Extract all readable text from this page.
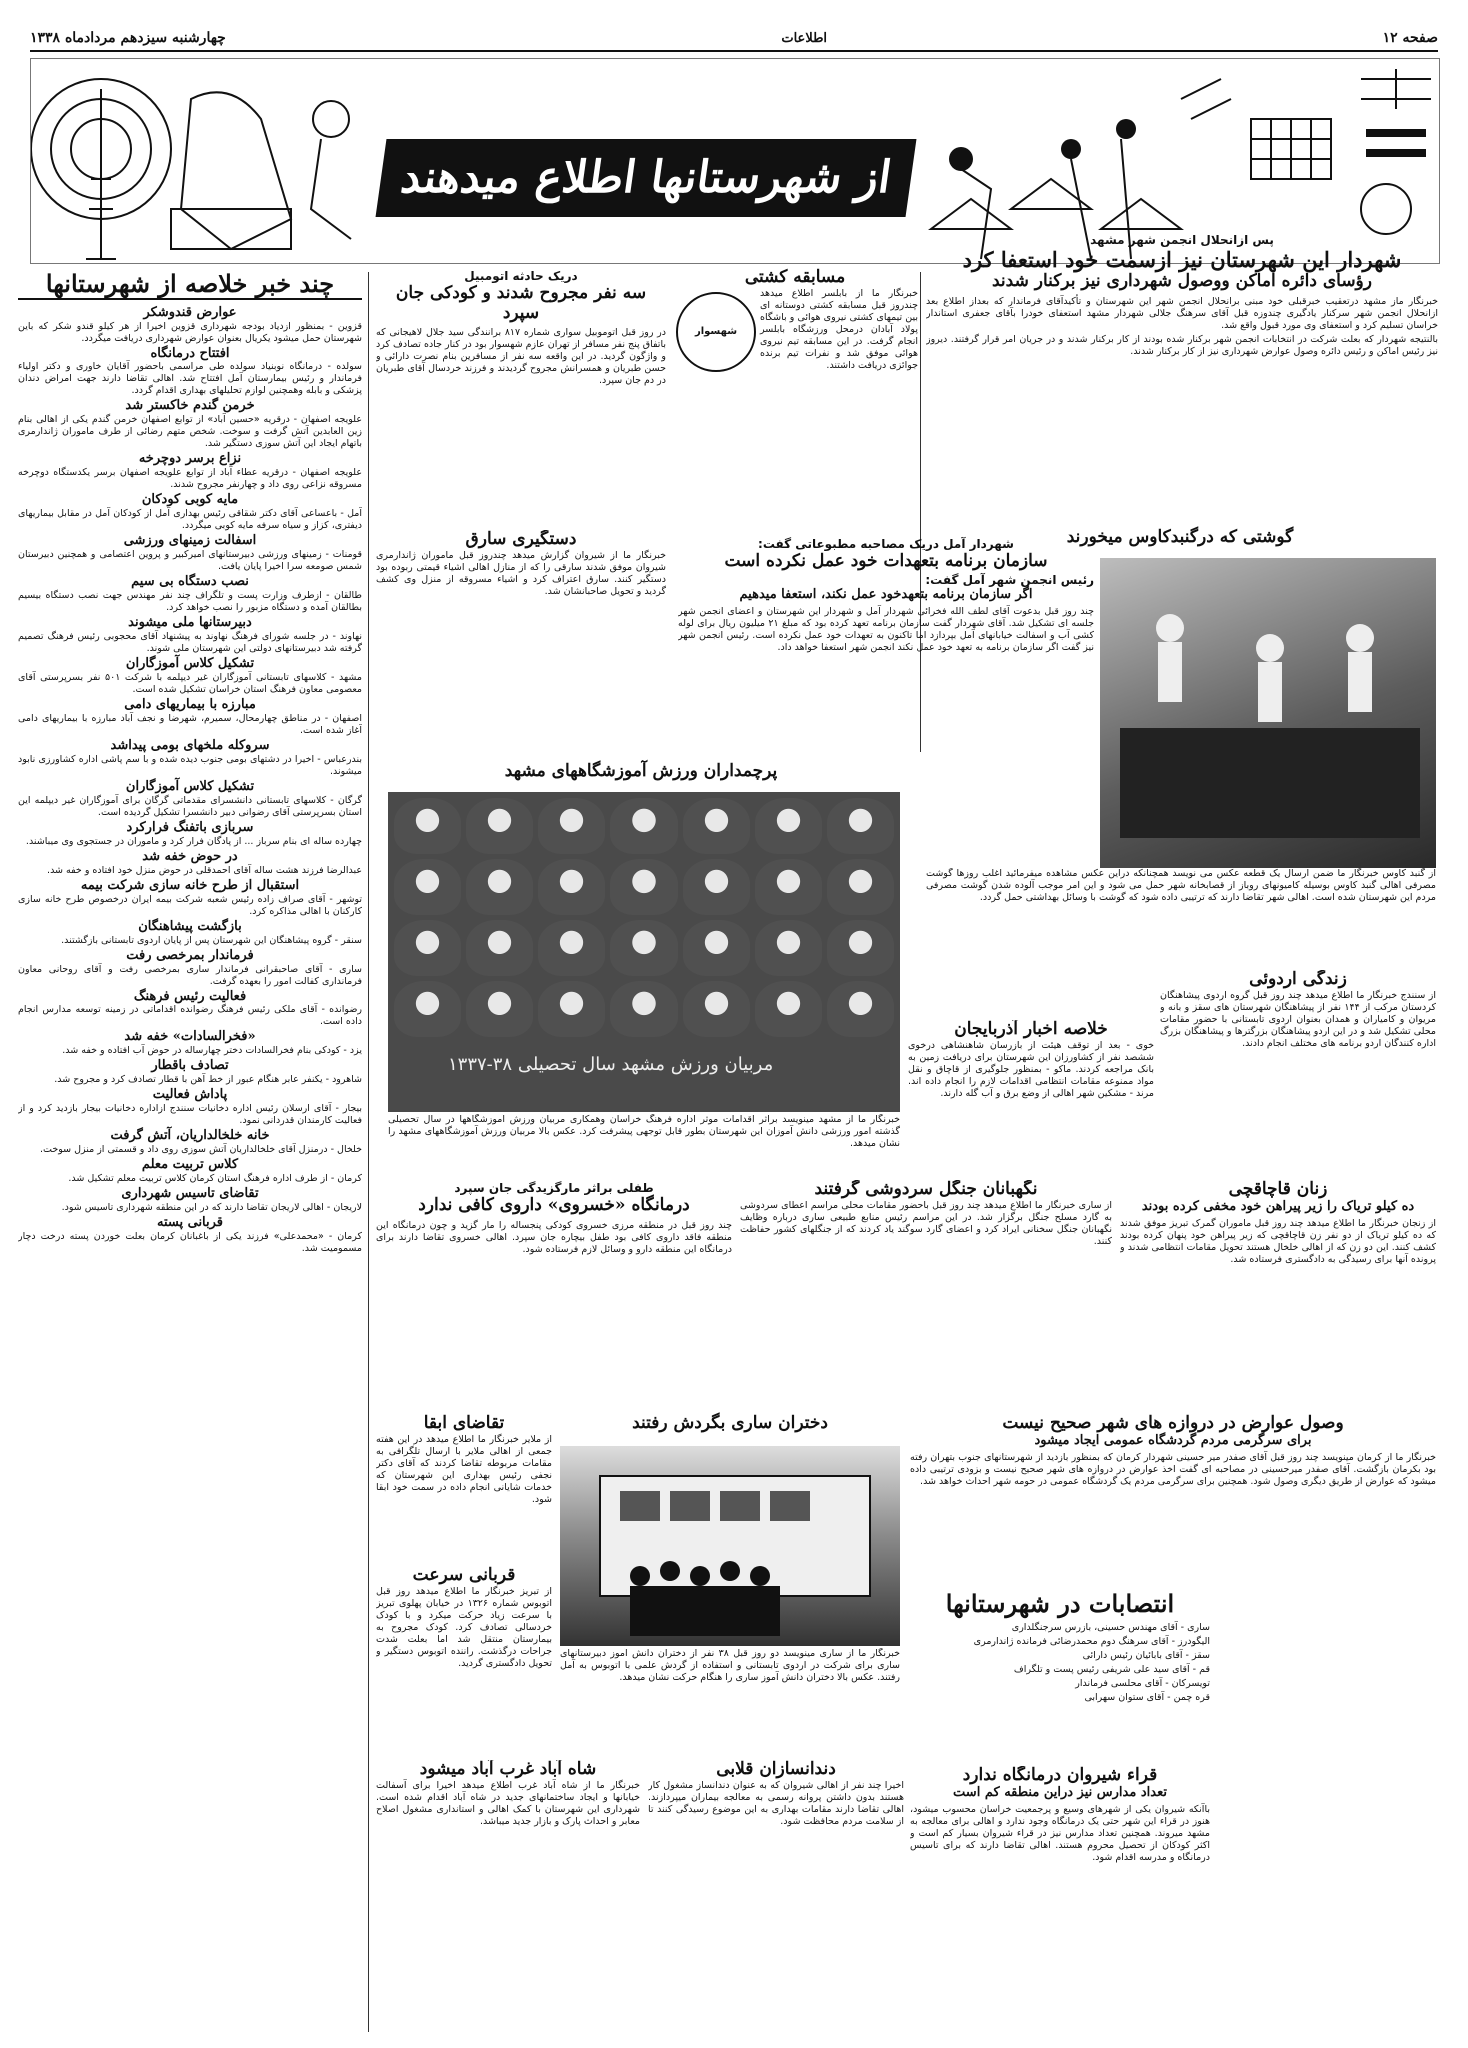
صفحه ۱۲
اطلاعات
چهارشنبه سیزدهم مردادماه ۱۳۳۸
از شهرستانها اطلاع میدهند
پس ازانحلال انجمن شهر مشهد
شهردار این شهرستان نیز ازسمت خود استعفا کرد
رؤسای دائره اماکن ووصول شهرداری نیز برکنار شدند

خبرنگار ماز مشهد درتعقیب خبرقبلی خود مبنی برانحلال انجمن شهر این شهرستان و تأکیدآقای فرماندار که بعداز اطلاع بعد ازانحلال انجمن شهر سرکنار یادگیری چندوزه قبل آقای سرهنگ جلالی شهردار مشهد استعفای خودرا بآقای جعفری استاندار خراسان تسلیم کرد و استعفای وی مورد قبول واقع شد.

بالنتیجه شهردار که بعلت شرکت در انتخابات انجمن شهر برکنار شده بودند از کار برکنار شدند و در جریان امر قرار گرفتند. دیروز نیز رئیس اماکن و رئیس دائره وصول عوارض شهرداری نیز از کار برکنار شدند.

گوشتی که درگنبدکاوس میخورند

از گنبد کاوس خبرنگار ما ضمن ارسال یک قطعه عکس می نویسد همچنانکه دراین عکس مشاهده میفرمائید اغلب روزها گوشت مصرفی اهالی گنبد کاوس بوسیله کامیونهای روباز از قصابخانه شهر حمل می شود و این امر موجب آلوده شدن گوشت مصرفی مردم این شهرستان شده است. اهالی شهر تقاضا دارند که ترتیبی داده شود که گوشت با وسائل بهداشتی حمل گردد.

شهردار آمل دریک مصاحبه مطبوعاتی گفت:
سازمان برنامه بتعهدات خود عمل نکرده است
رئیس انجمن شهر آمل گفت:
اگر سازمان برنامه بتعهدخود عمل نکند، استعفا میدهیم

چند روز قبل بدعوت آقای لطف الله فخرائی شهردار آمل و شهردار این شهرستان و اعضای انجمن شهر جلسه ای تشکیل شد. آقای شهردار گفت سازمان برنامه تعهد کرده بود که مبلغ ۲۱ میلیون ریال برای لوله کشی آب و اسفالت خیابانهای آمل بپردازد اما تاکنون به تعهدات خود عمل نکرده است. رئیس انجمن شهر نیز گفت اگر سازمان برنامه به تعهد خود عمل نکند انجمن شهر استعفا خواهد داد.

مسابقه کشتی
شهسوار

خبرنگار ما از بابلسر اطلاع میدهد چندروز قبل مسابقه کشتی دوستانه ای بین تیمهای کشتی نیروی هوائی و باشگاه پولاد آبادان درمحل ورزشگاه بابلسر انجام گرفت. در این مسابقه تیم نیروی هوائی موفق شد و نفرات تیم برنده جوائزی دریافت داشتند.

دریک حادثه اتومبیل
سه نفر مجروح شدند و کودکی جان سپرد

در روز قبل اتوموبیل سواری شماره ۸۱۷ برانندگی سید جلال لاهیجانی که باتفاق پنج نفر مسافر از تهران عازم شهسوار بود در کنار جاده تصادف کرد و واژگون گردید. در این واقعه سه نفر از مسافرین بنام نصرت دارائی و حسن طبریان و همسرانش مجروح گردیدند و فرزند خردسال آقای طبریان در دم جان سپرد.

دستگیری سارق

خبرنگار ما از شیروان گزارش میدهد چندروز قبل ماموران ژاندارمری شیروان موفق شدند سارقی را که از منازل اهالی اشیاء قیمتی ربوده بود دستگیر کنند. سارق اعتراف کرد و اشیاء مسروقه از منزل وی کشف گردید و تحویل صاحبانشان شد.

پرچمداران ورزش آموزشگاههای مشهد
مربیان ورزش مشهد سال تحصیلی ۳۸-۱۳۳۷

خبرنگار ما از مشهد مینویسد براثر اقدامات موثر اداره فرهنگ خراسان وهمکاری مربیان ورزش آموزشگاهها در سال تحصیلی گذشته امور ورزشی دانش آموزان این شهرستان بطور قابل توجهی پیشرفت کرد. عکس بالا مربیان ورزش آموزشگاههای مشهد را نشان میدهد.

زندگی اردوئی

از سنندج خبرنگار ما اطلاع میدهد چند روز قبل گروه اردوی پیشاهنگان کردستان مرکب از ۱۴۴ نفر از پیشاهنگان شهرستان های سقز و بانه و مریوان و کامیاران و همدان بعنوان اردوی تابستانی با حضور مقامات محلی تشکیل شد و در این اردو پیشاهنگان بزرگترها و پیشاهنگان بزرگ اداره کنندگان اردو برنامه های مختلف انجام دادند.

خلاصه اخبار آذربایجان

خوی - بعد از توقف هیئت از بازرسان شاهنشاهی درخوی ششصد نفر از کشاورزان این شهرستان برای دریافت زمین به بانک مراجعه کردند. ماکو - بمنظور جلوگیری از قاچاق و نقل مواد ممنوعه مقامات انتظامی اقدامات لازم را انجام داده اند. مرند - مشکین شهر اهالی از وضع برق و آب گله دارند.

زنان قاچاقچی
ده کیلو تریاک را زیر پیراهن خود مخفی کرده بودند

از زنجان خبرنگار ما اطلاع میدهد چند روز قبل ماموران گمرک تبریز موفق شدند که ده کیلو تریاک از دو نفر زن قاچاقچی که زیر پیراهن خود پنهان کرده بودند کشف کنند. این دو زن که از اهالی خلخال هستند تحویل مقامات انتظامی شدند و پرونده آنها برای رسیدگی به دادگستری فرستاده شد.

نگهبانان جنگل سردوشی گرفتند

از ساری خبرنگار ما اطلاع میدهد چند روز قبل باحضور مقامات محلی مراسم اعطای سردوشی به گارد مسلح جنگل برگزار شد. در این مراسم رئیس منابع طبیعی ساری درباره وظایف نگهبانان جنگل سخنانی ایراد کرد و اعضای گارد سوگند یاد کردند که از جنگلهای کشور حفاظت کنند.

طفلی براثر مارگزیدگی جان سپرد
درمانگاه «خسروی» داروی کافی ندارد

چند روز قبل در منطقه مرزی خسروی کودکی پنجساله را مار گزید و چون درمانگاه این منطقه فاقد داروی کافی بود طفل بیچاره جان سپرد. اهالی خسروی تقاضا دارند برای درمانگاه این منطقه دارو و وسائل لازم فرستاده شود.

وصول عوارض در دروازه های شهر صحیح نیست
برای سرگرمی مردم گردشگاه عمومی ایجاد میشود

خبرنگار ما از کرمان مینویسد چند روز قبل آقای صفدر میر حسینی شهردار کرمان که بمنظور بازدید از شهرستانهای جنوب بتهران رفته بود بکرمان بازگشت. آقای صفدر میرحسینی در مصاحبه ای گفت اخذ عوارض در دروازه های شهر صحیح نیست و بزودی ترتیبی داده میشود که عوارض از طریق دیگری وصول شود. همچنین برای سرگرمی مردم یک گردشگاه عمومی در حومه شهر احداث خواهد شد.

انتصابات در شهرستانها

ساری - آقای مهندس حسینی، بازرس سرجنگلداری

الیگودرز - آقای سرهنگ دوم محمدرضائی فرمانده ژاندارمری

سقز - آقای بابائیان رئیس دارائی

قم - آقای سید علی شریفی رئیس پست و تلگراف

تویسرکان - آقای محلسی فرماندار

قره چمن - آقای ستوان سهرابی

قراء شیروان درمانگاه ندارد
تعداد مدارس نیز دراین منطقه کم است

باآنکه شیروان یکی از شهرهای وسیع و پرجمعیت خراسان محسوب میشود، هنوز در قراء این شهر حتی یک درمانگاه وجود ندارد و اهالی برای معالجه به مشهد میروند. همچنین تعداد مدارس نیز در قراء شیروان بسیار کم است و اکثر کودکان از تحصیل محروم هستند. اهالی تقاضا دارند که برای تاسیس درمانگاه و مدرسه اقدام شود.

دختران ساری بگردش رفتند

خبرنگار ما از ساری مینویسد دو روز قبل ۳۸ نفر از دختران دانش آموز دبیرستانهای ساری برای شرکت در اردوی تابستانی و استفاده از گردش علمی با اتوبوس به آمل رفتند. عکس بالا دختران دانش آموز ساری را هنگام حرکت نشان میدهد.

تقاضای ابقا

از ملایر خبرنگار ما اطلاع میدهد در این هفته جمعی از اهالی ملایر با ارسال تلگرافی به مقامات مربوطه تقاضا کردند که آقای دکتر نجفی رئیس بهداری این شهرستان که خدمات شایانی انجام داده در سمت خود ابقا شود.

قربانی سرعت

از تبریز خبرنگار ما اطلاع میدهد روز قبل اتوبوس شماره ۱۳۲۶ در خیابان پهلوی تبریز با سرعت زیاد حرکت میکرد و با کودک خردسالی تصادف کرد. کودک مجروح به بیمارستان منتقل شد اما بعلت شدت جراحات درگذشت. راننده اتوبوس دستگیر و تحویل دادگستری گردید.

شاه آباد غرب آباد میشود

خبرنگار ما از شاه آباد غرب اطلاع میدهد اخیرا برای آسفالت خیابانها و ایجاد ساختمانهای جدید در شاه آباد اقدام شده است. شهرداری این شهرستان با کمک اهالی و استانداری مشغول اصلاح معابر و احداث پارک و بازار جدید میباشد.

دندانسازان قلابی

اخیرا چند نفر از اهالی شیروان که به عنوان دندانساز مشغول کار هستند بدون داشتن پروانه رسمی به معالجه بیماران میپردازند. اهالی تقاضا دارند مقامات بهداری به این موضوع رسیدگی کنند تا از سلامت مردم محافظت شود.

چند خبر خلاصه از شهرستانها
عوارض قندوشکر

قزوین - بمنظور ازدیاد بودجه شهرداری قزوین اخیرا از هر کیلو قندو شکر که باین شهرستان حمل میشود یکریال بعنوان عوارض شهرداری دریافت میگردد.

افتتاح درمانگاه

سولده - درمانگاه نوبنیاد سولده طی مراسمی باحضور آقایان خاوری و دکتر اولیاء فرماندار و رئیس بیمارستان آمل افتتاح شد. اهالی تقاضا دارند جهت امراض دندان پزشکی و بابله وهمچنین لوازم تحلیلهای بهداری اقدام گردد.

خرمن گندم خاکستر شد

علویجه اصفهان - درقریه «حسین آباد» از توابع اصفهان خرمن گندم یکی از اهالی بنام زین العابدین آتش گرفت و سوخت. شخص متهم رضائی از طرف ماموران ژاندارمری باتهام ایجاد این آتش سوزی دستگیر شد.

نزاع برسر دوچرخه

علویجه اصفهان - درقریه عطاء آباد از توابع علویجه اصفهان برسر یکدستگاه دوچرخه مسروقه نزاعی روی داد و چهارنفر مجروح شدند.

مایه کوبی کودکان

آمل - باعساعی آقای دکتر شقاقی رئیس بهداری آمل از کودکان آمل در مقابل بیماریهای دیفتری، کزاز و سیاه سرفه مایه کوبی میگردد.

اسفالت زمینهای ورزشی

قومنات - زمینهای ورزشی دبیرستانهای امیرکبیر و پروین اعتصامی و همچنین دبیرستان شمس صومعه سرا اخیرا پایان یافت.

نصب دستگاه بی سیم

طالقان - ازطرف وزارت پست و تلگراف چند نفر مهندس جهت نصب دستگاه بیسیم بطالقان آمده و دستگاه مزبور را نصب خواهد کرد.

دبیرستانها ملی میشوند

نهاوند - در جلسه شورای فرهنگ نهاوند به پیشنهاد آقای محجوبی رئیس فرهنگ تصمیم گرفته شد دبیرستانهای دولتی این شهرستان ملی شوند.

تشکیل کلاس آموزگاران

مشهد - کلاسهای تابستانی آموزگاران غیر دیپلمه با شرکت ۵۰۱ نفر بسرپرستی آقای معصومی معاون فرهنگ استان خراسان تشکیل شده است.

مبارزه با بیماریهای دامی

اصفهان - در مناطق چهارمحال، سمیرم، شهرضا و نجف آباد مبارزه با بیماریهای دامی آغاز شده است.

سروکله ملخهای بومی پیداشد

بندرعباس - اخیرا در دشتهای بومی جنوب دیده شده و با سم پاشی اداره کشاورزی نابود میشوند.

تشکیل کلاس آموزگاران

گرگان - کلاسهای تابستانی دانشسرای مقدماتی گرگان برای آموزگاران غیر دیپلمه این استان بسرپرستی آقای رضوانی دبیر دانشسرا تشکیل گردیده است.

سربازی باتفنگ فرارکرد

چهارده ساله ای بنام سرباز ... از پادگان فرار کرد و ماموران در جستجوی وی میباشند.

در حوض خفه شد

عبدالرضا فرزند هشت ساله آقای احمدقلی در حوض منزل خود افتاده و خفه شد.

استقبال از طرح خانه سازی شرکت بیمه

توشهر - آقای صراف زاده رئیس شعبه شرکت بیمه ایران درخصوص طرح خانه سازی کارکنان با اهالی مذاکره کرد.

بازگشت پیشاهنگان

سنقر - گروه پیشاهنگان این شهرستان پس از پایان اردوی تابستانی بازگشتند.

فرماندار بمرخصی رفت

ساری - آقای صاحبقرانی فرماندار ساری بمرخصی رفت و آقای روحانی معاون فرمانداری کفالت امور را بعهده گرفت.

فعالیت رئیس فرهنگ

رضوانده - آقای ملکی رئیس فرهنگ رضوانده اقداماتی در زمینه توسعه مدارس انجام داده است.

«فخرالسادات» خفه شد

یزد - کودکی بنام فخرالسادات دختر چهارساله در حوض آب افتاده و خفه شد.

تصادف باقطار

شاهرود - یکنفر عابر هنگام عبور از خط آهن با قطار تصادف کرد و مجروح شد.

پاداش فعالیت

بیجار - آقای ارسلان رئیس اداره دخانیات سنندج ازاداره دخانیات بیجار بازدید کرد و از فعالیت کارمندان قدردانی نمود.

خانه خلخالداریان، آتش گرفت

خلخال - درمنزل آقای خلخالداریان آتش سوزی روی داد و قسمتی از منزل سوخت.

کلاس تربیت معلم

کرمان - از طرف اداره فرهنگ استان کرمان کلاس تربیت معلم تشکیل شد.

تقاضای تاسیس شهرداری

لاریجان - اهالی لاریجان تقاضا دارند که در این منطقه شهرداری تاسیس شود.

قربانی پسته

کرمان - «محمدعلی» فرزند یکی از باغبانان کرمان بعلت خوردن پسته درخت دچار مسمومیت شد.
